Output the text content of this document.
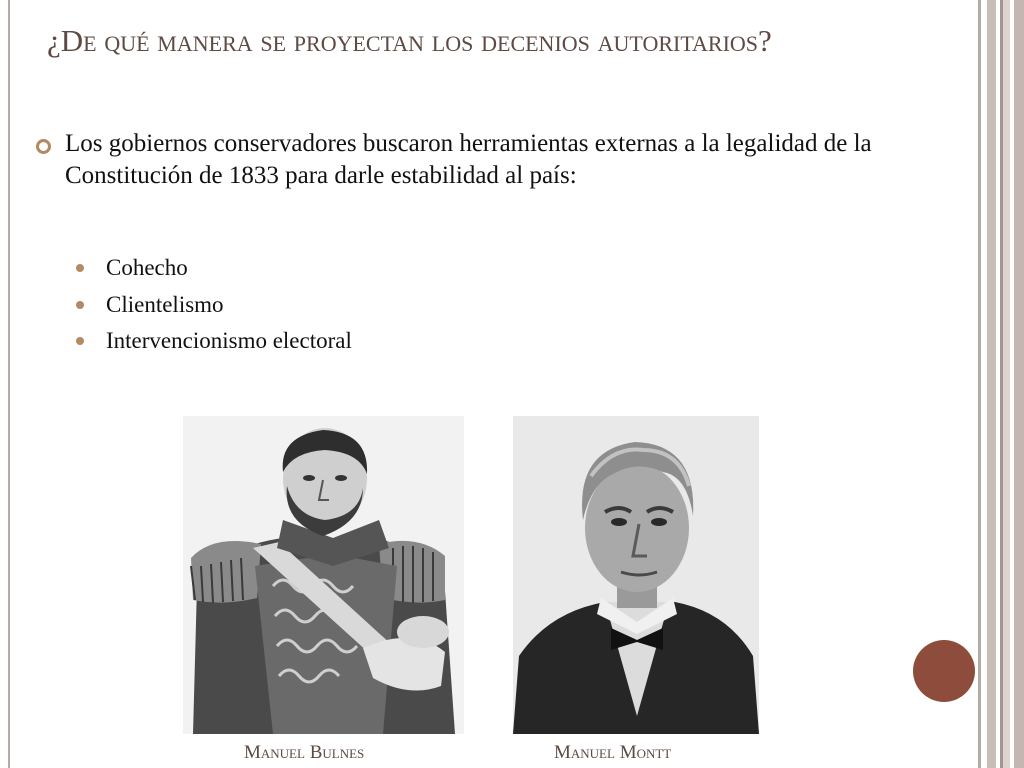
¿De qué manera se proyectan los decenios autoritarios?
Los gobiernos conservadores buscaron herramientas externas a la legalidad de la Constitución de 1833 para darle estabilidad al país:
Cohecho
Clientelismo
Intervencionismo electoral
Manuel Bulnes	Manuel Montt
